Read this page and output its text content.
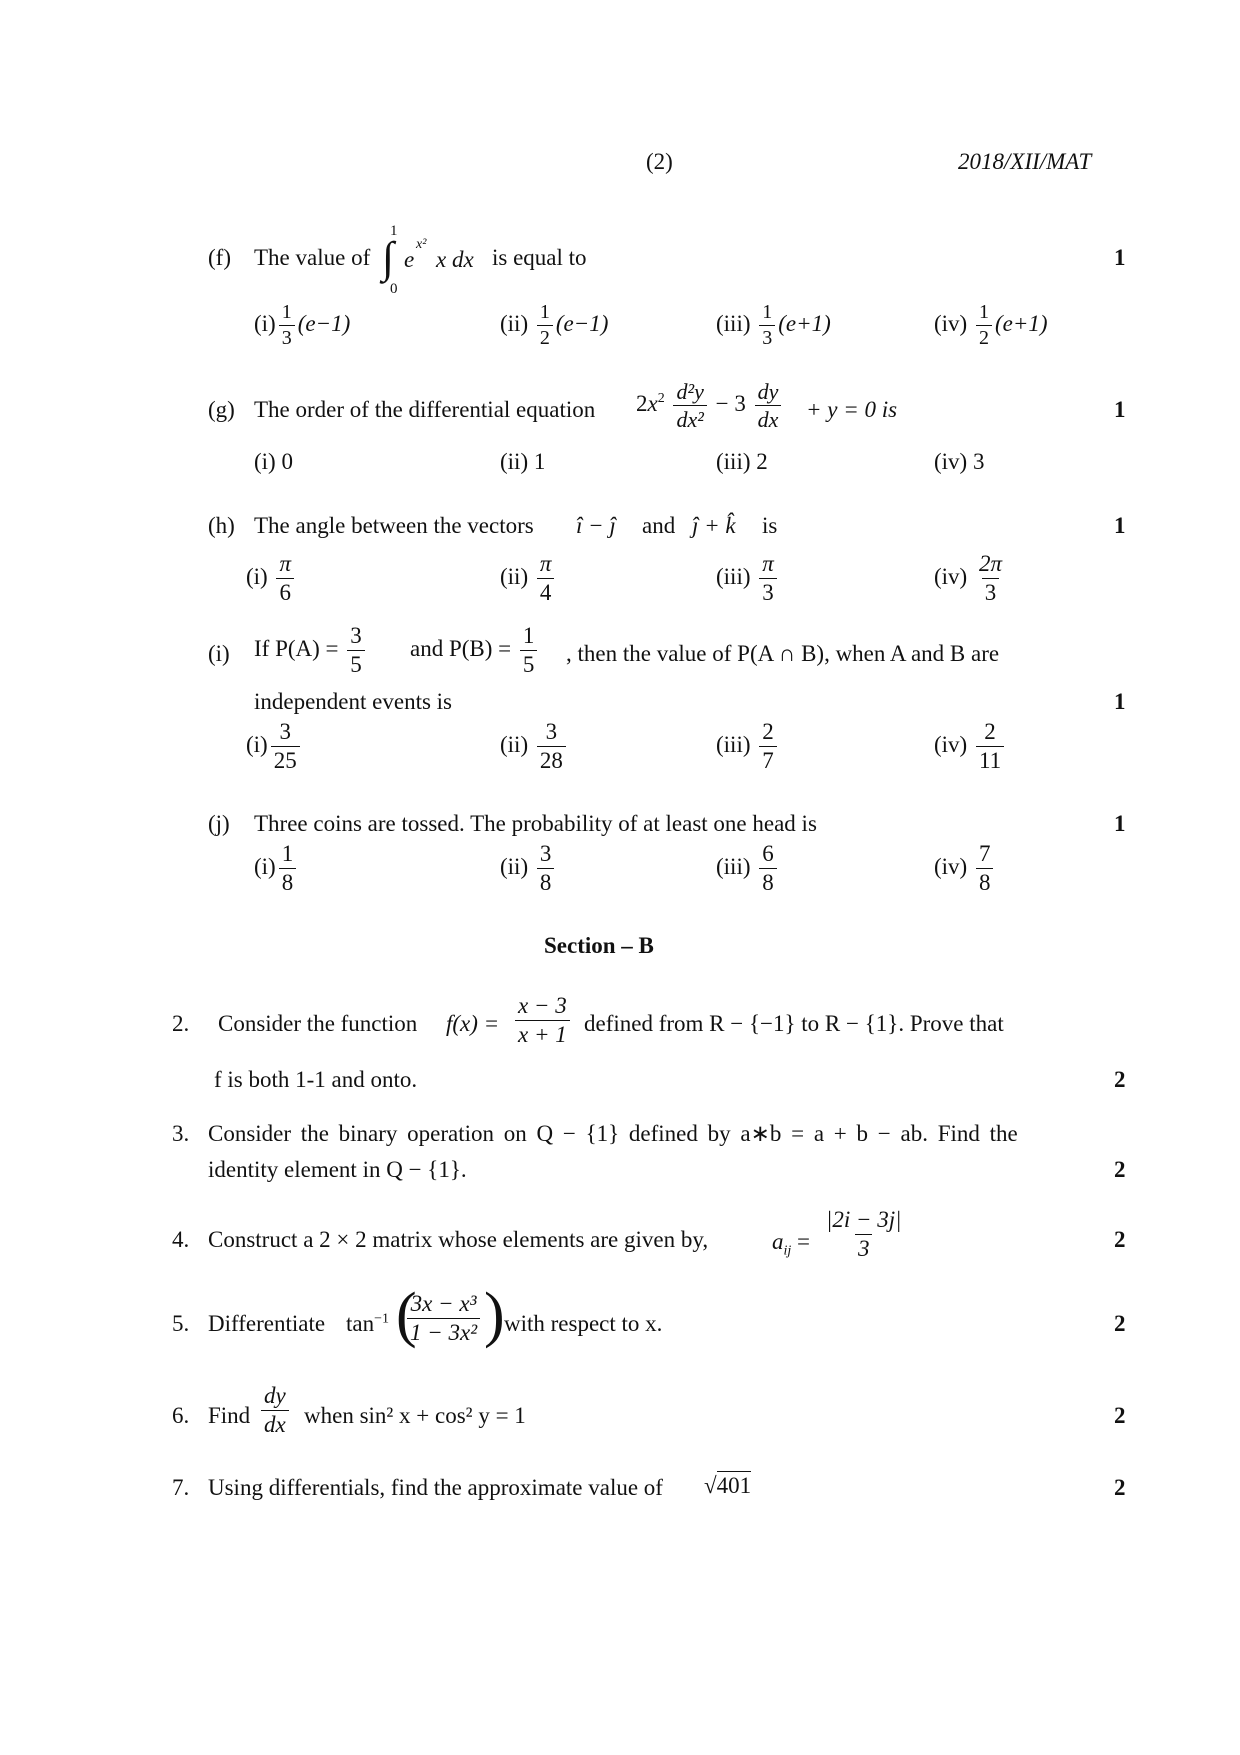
(2)	2018/XII/MAT
(f) The value of
1
∫
0
e
x²
x dx is equal to	1
$(i) \frac{1}{3} (e-1)$	$(ii) \frac{1}{2} (e-1)$	$(iii) \frac{1}{3} (e+1)$	$(iv) \frac{1}{2} (e+1)$
(g) The order of the differential equation $2x^2 \frac{\text{d²y}}{\text{dx²}} - 3 \frac{dy}{dx} + y = 0$ is	1
(i) 0	(ii) 1	(iii) 2	(iv) 3
(h) The angle between the vectors î − ĵ and ĵ + k̂ is	1
$(i) \frac{\pi}{6}$	$(ii) \frac{\pi}{4}$	$(iii) \frac{\pi}{3}$	$(iv) \frac{2\pi}{3}$
(i) If $P(A) = \frac{3}{5}$ and $P(B) = \frac{1}{5}$ , then the value of P(A ∩ B), when A and B are
independent events is	1
$(i) \frac{3}{25}$	$(ii) \frac{3}{28}$	$(iii) \frac{2}{7}$	$(iv) \frac{2}{11}$
(j) Three coins are tossed. The probability of at least one head is	1
$(i) \frac{1}{8}$	$(ii) \frac{3}{8}$	$(iii) \frac{6}{8}$	$(iv) \frac{7}{8}$
Section – B
2. Consider the function $f(x) = \frac{x - 3}{x + 1}$ defined from R − {−1} to R − {1}. Prove that
f is both 1-1 and onto.	2
3. Consider the binary operation on Q − {1} defined by a∗b = a + b − ab. Find the
identity element in Q − {1}.	2
4. Construct a 2 × 2 matrix whose elements are given by,	$a_{ij} = \frac{|2i - 3j|}{3}$	2
5. Differentiate $\tan^{-1}$ (
$\frac{\text{3x − x³}}{\text{1 − 3x²}}$ ) with respect to x.	2
6. Find $\frac{dy}{dx}$ when sin² x + cos² y = 1	2
7. Using differentials, find the approximate value of √401	2
